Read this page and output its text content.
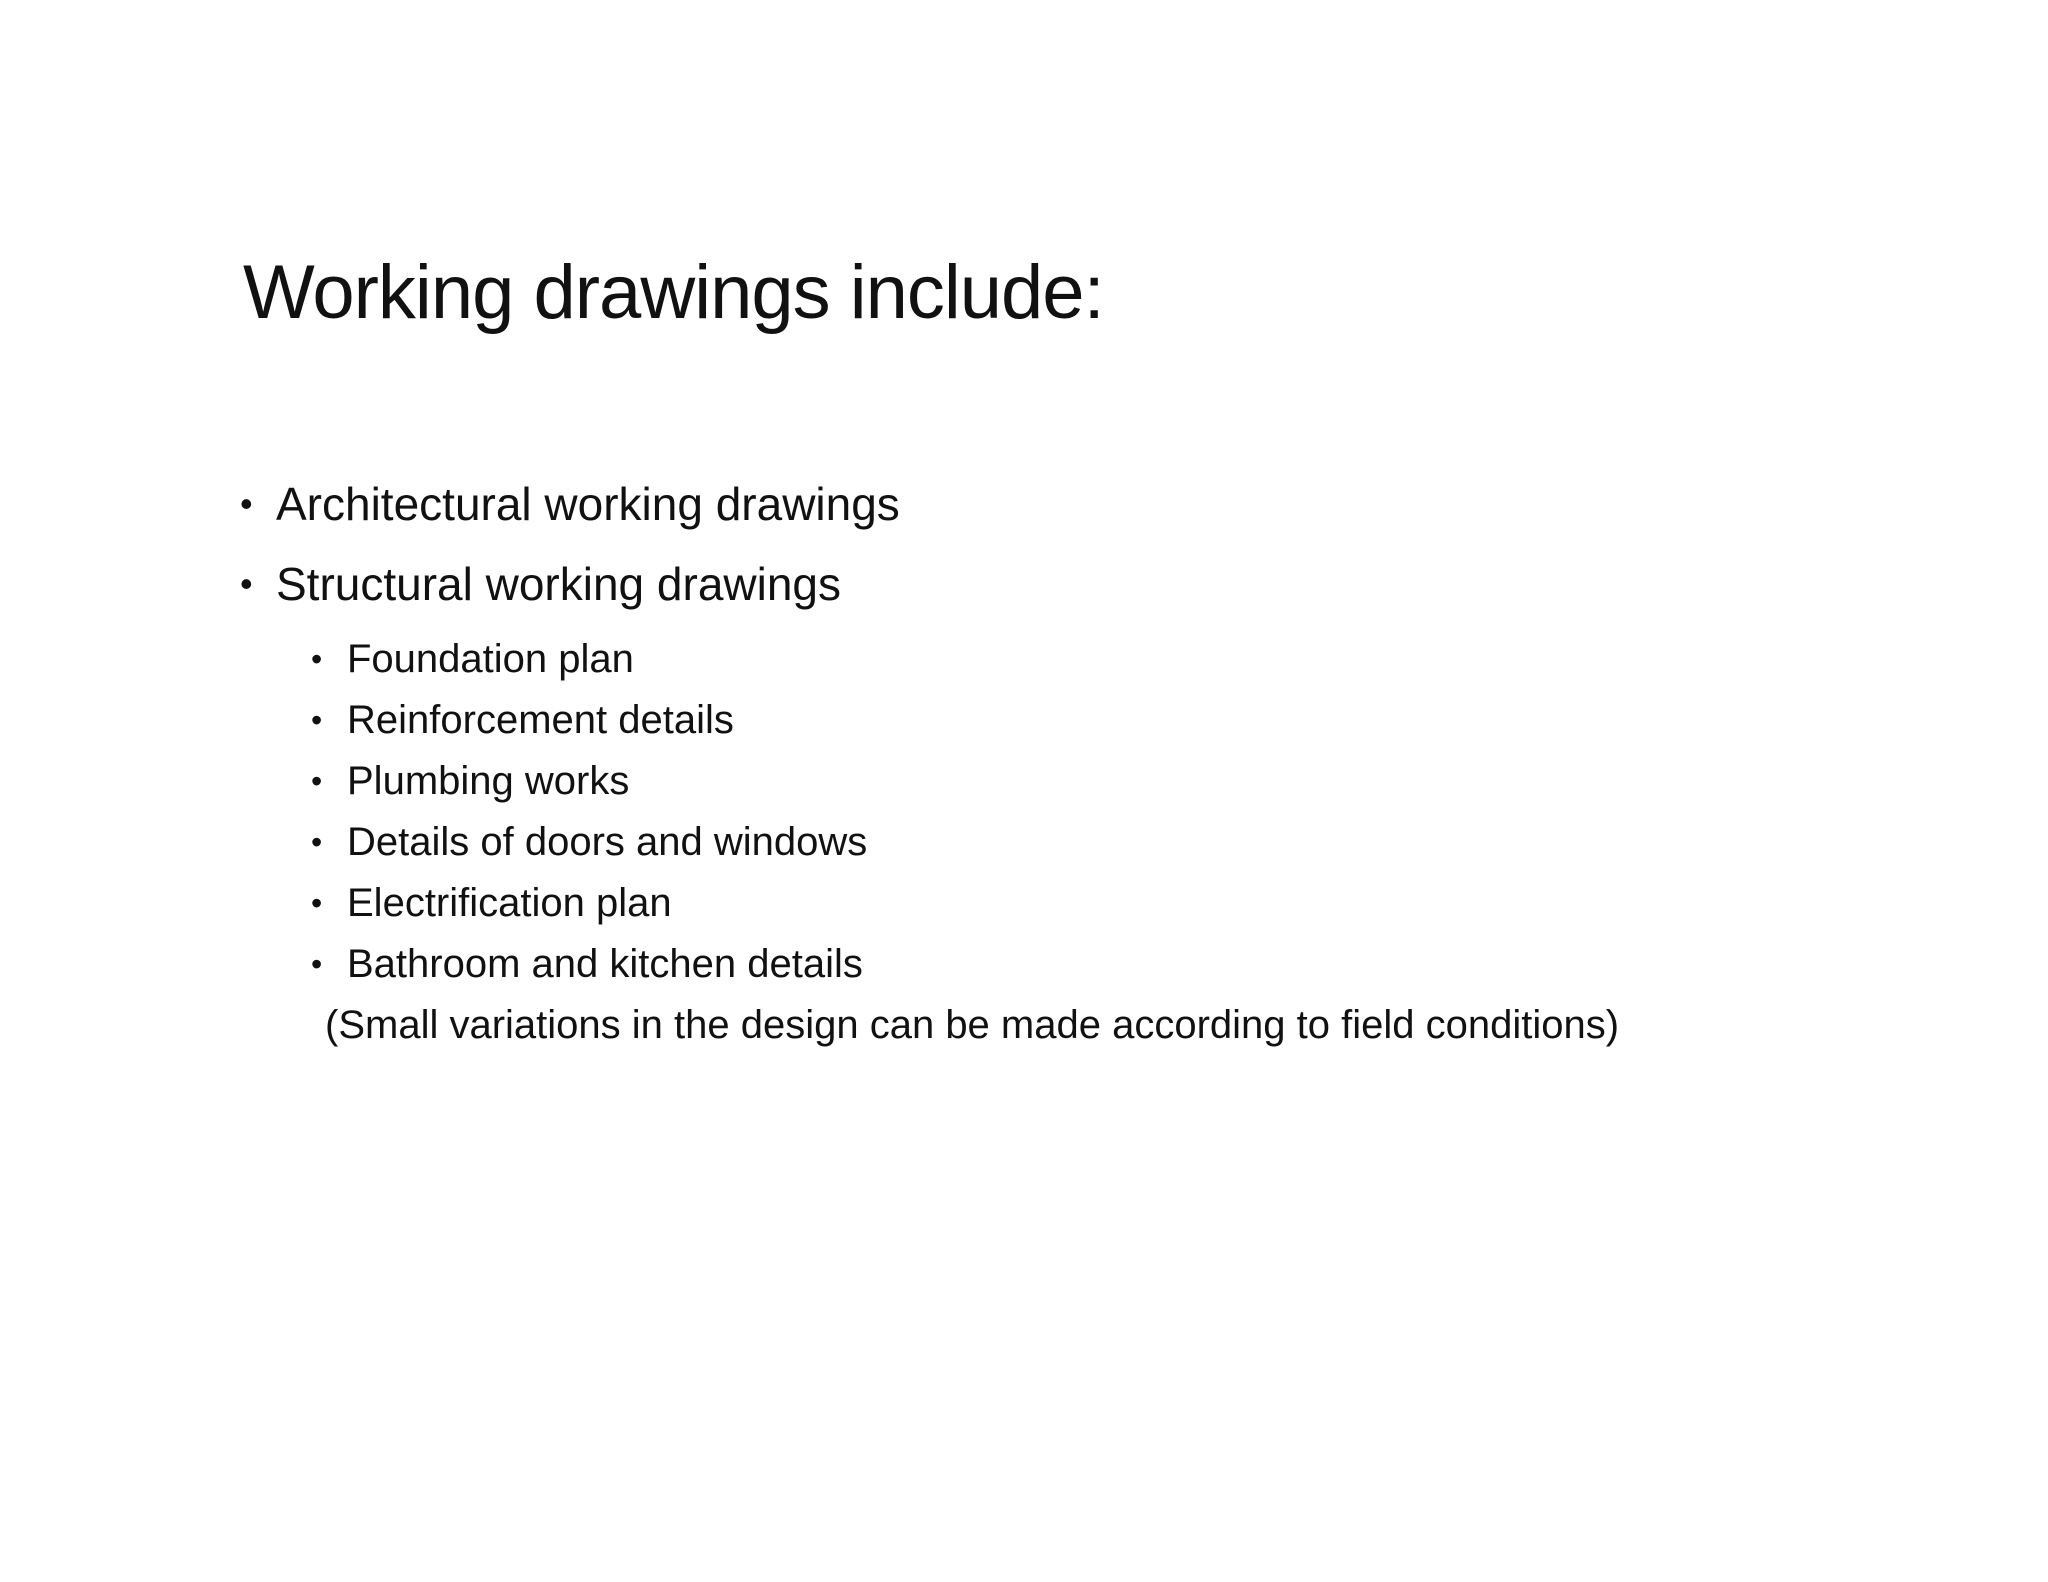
Working drawings include:
• Architectural working drawings
• Structural working drawings
• Foundation plan
• Reinforcement details
• Plumbing works
• Details of doors and windows
• Electrification plan
• Bathroom and kitchen details
(Small variations in the design can be made according to field conditions)
